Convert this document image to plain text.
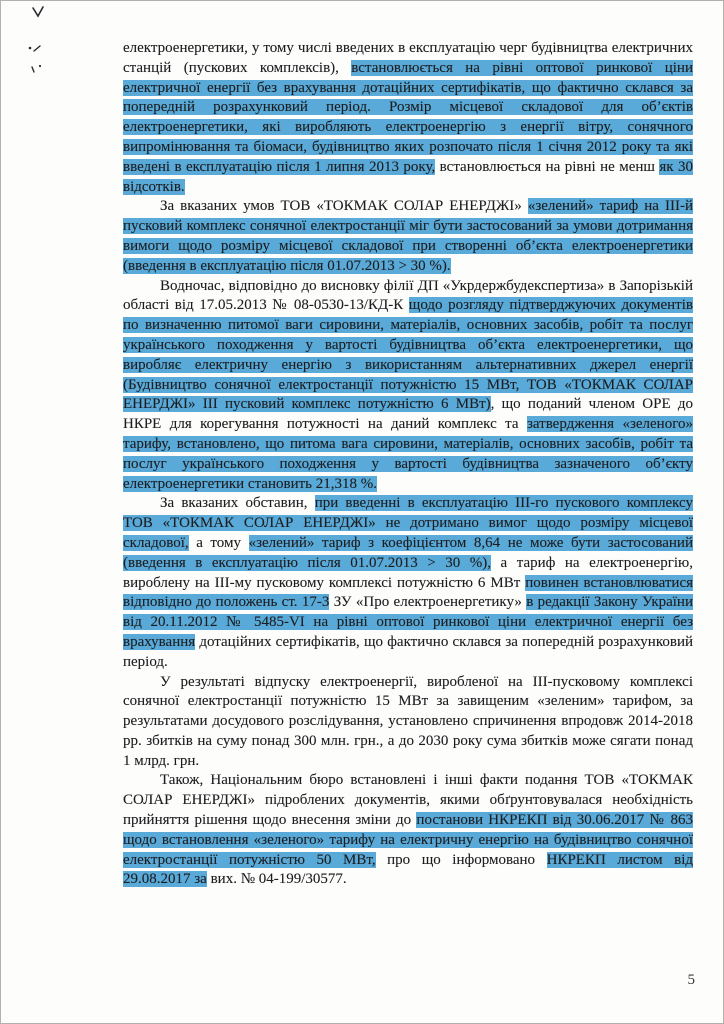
електроенергетики, у тому числі введених в експлуатацію черг будівництва електричних станцій (пускових комплексів), встановлюється на рівні оптової ринкової ціни електричної енергії без врахування дотаційних сертифікатів, що фактично склався за попередній розрахунковий період. Розмір місцевої складової для об’єктів електроенергетики, які виробляють електроенергію з енергії вітру, сонячного випромінювання та біомаси, будівництво яких розпочато після 1 січня 2012 року та які введені в експлуатацію після 1 липня 2013 року, встановлюється на рівні не менш як 30 відсотків.

За вказаних умов ТОВ «ТОКМАК СОЛАР ЕНЕРДЖІ» «зелений» тариф на ІІІ-й пусковий комплекс сонячної електростанції міг бути застосований за умови дотримання вимоги щодо розміру місцевої складової при створенні об’єкта електроенергетики (введення в експлуатацію після 01.07.2013 > 30 %).

Водночас, відповідно до висновку філії ДП «Укрдержбудекспертиза» в Запорізькій області від 17.05.2013 № 08-0530-13/КД-К щодо розгляду підтверджуючих документів по визначенню питомої ваги сировини, матеріалів, основних засобів, робіт та послуг українського походження у вартості будівництва об’єкта електроенергетики, що виробляє електричну енергію з використанням альтернативних джерел енергії (Будівництво сонячної електростанції потужністю 15 МВт, ТОВ «ТОКМАК СОЛАР ЕНЕРДЖІ» ІІІ пусковий комплекс потужністю 6 МВт), що поданий членом ОРЕ до НКРЕ для корегування потужності на даний комплекс та затвердження «зеленого» тарифу, встановлено, що питома вага сировини, матеріалів, основних засобів, робіт та послуг українського походження у вартості будівництва зазначеного об’єкту електроенергетики становить 21,318 %.

За вказаних обставин, при введенні в експлуатацію ІІІ-го пускового комплексу ТОВ «ТОКМАК СОЛАР ЕНЕРДЖІ» не дотримано вимог щодо розміру місцевої складової, а тому «зелений» тариф з коефіцієнтом 8,64 не може бути застосований (введення в експлуатацію після 01.07.2013 > 30 %), а тариф на електроенергію, вироблену на ІІІ-му пусковому комплексі потужністю 6 МВт повинен встановлюватися відповідно до положень ст. 17-3 ЗУ «Про електроенергетику» в редакції Закону України від 20.11.2012 № 5485-VI на рівні оптової ринкової ціни електричної енергії без врахування дотаційних сертифікатів, що фактично склався за попередній розрахунковий період.

У результаті відпуску електроенергії, виробленої на ІІІ-пусковому комплексі сонячної електростанції потужністю 15 МВт за завищеним «зеленим» тарифом, за результатами досудового розслідування, установлено спричинення впродовж 2014-2018 рр. збитків на суму понад 300 млн. грн., а до 2030 року сума збитків може сягати понад 1 млрд. грн.

Також, Національним бюро встановлені і інші факти подання ТОВ «ТОКМАК СОЛАР ЕНЕРДЖІ» підроблених документів, якими обґрунтовувалася необхідність прийняття рішення щодо внесення зміни до постанови НКРЕКП від 30.06.2017 № 863 щодо встановлення «зеленого» тарифу на електричну енергію на будівництво сонячної електростанції потужністю 50 МВт, про що інформовано НКРЕКП листом від 29.08.2017 за вих. № 04-199/30577.

5
